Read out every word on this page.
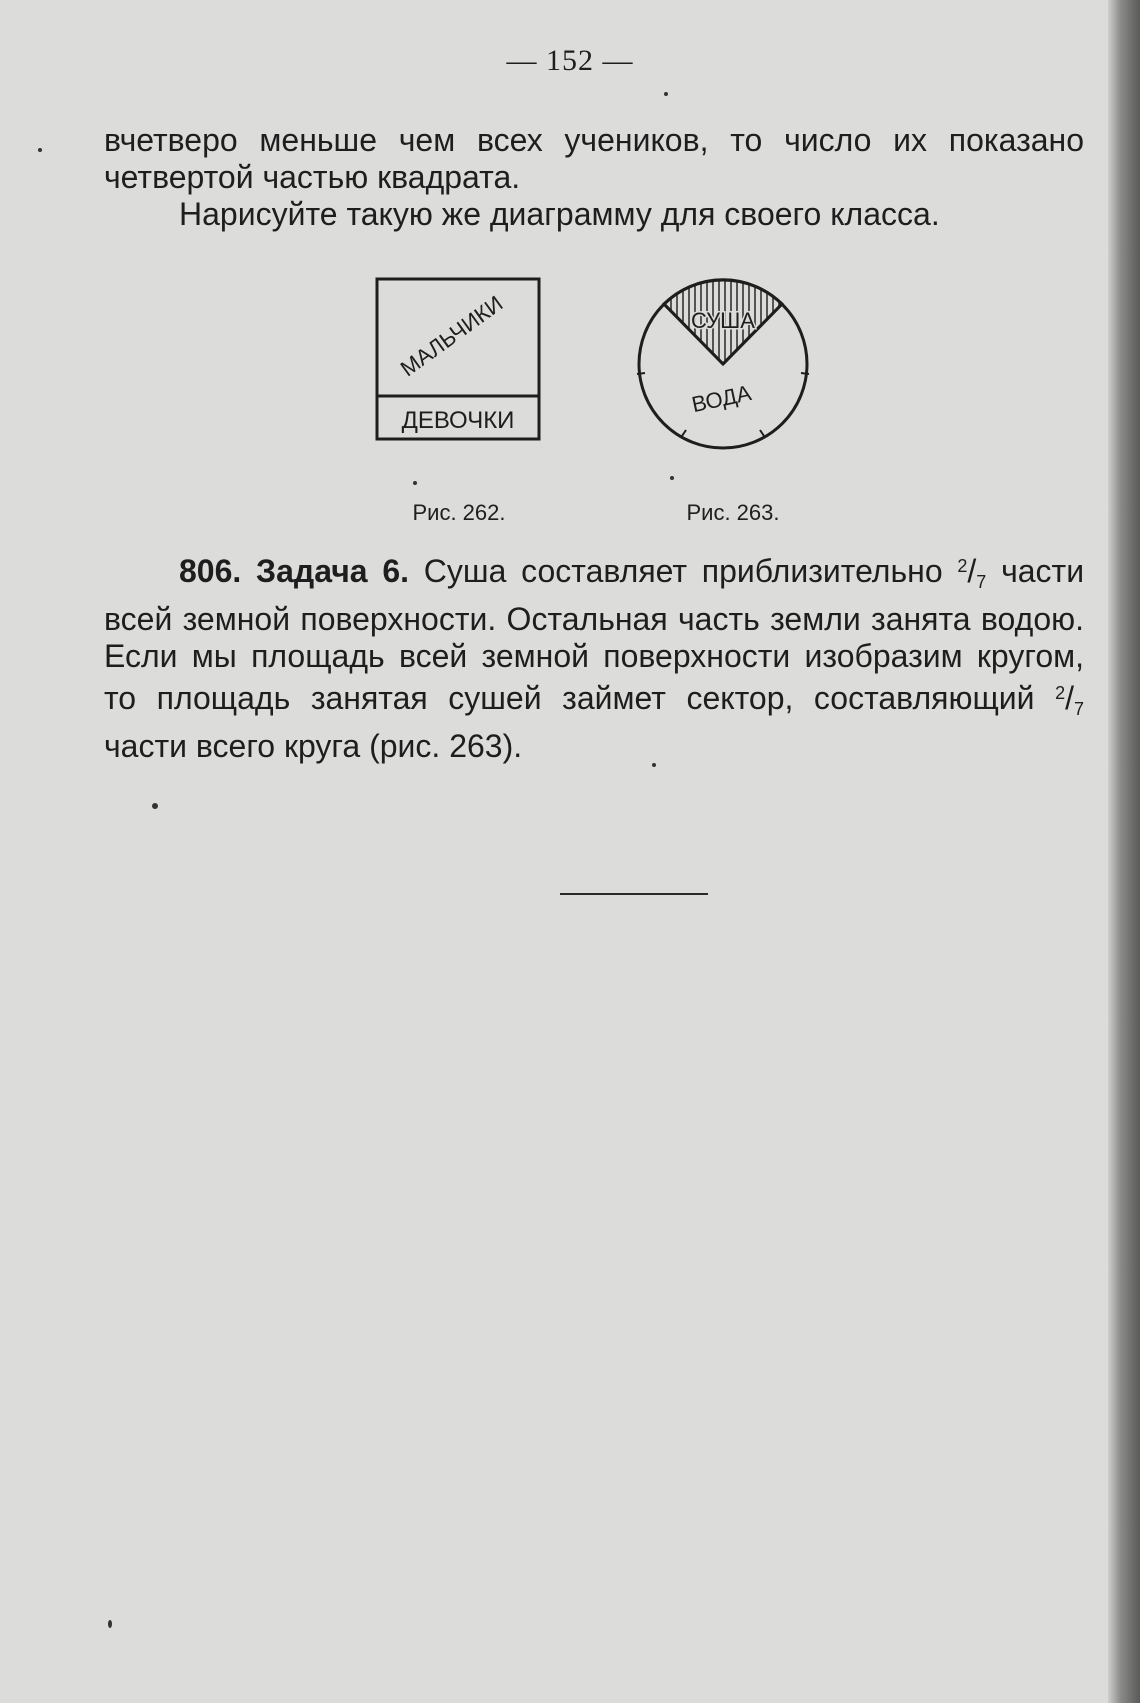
— 152 —

вчетверо меньше чем всех учеников, то число их показано четвертой частью квадрата.

Нарисуйте такую же диаграмму для своего класса.

МАЛЬЧИКИ
ДЕВОЧКИ
СУША
ВОДА
Рис. 262.	Рис. 263.

806. Задача 6. Суша составляет приблизительно $^2/_7$ части всей земной поверхности. Остальная часть земли занята водою. Если мы площадь всей земной поверхности изобразим кругом, то площадь занятая сушей займет сектор, составляющий $^2/_7$ части всего круга (рис. 263).
